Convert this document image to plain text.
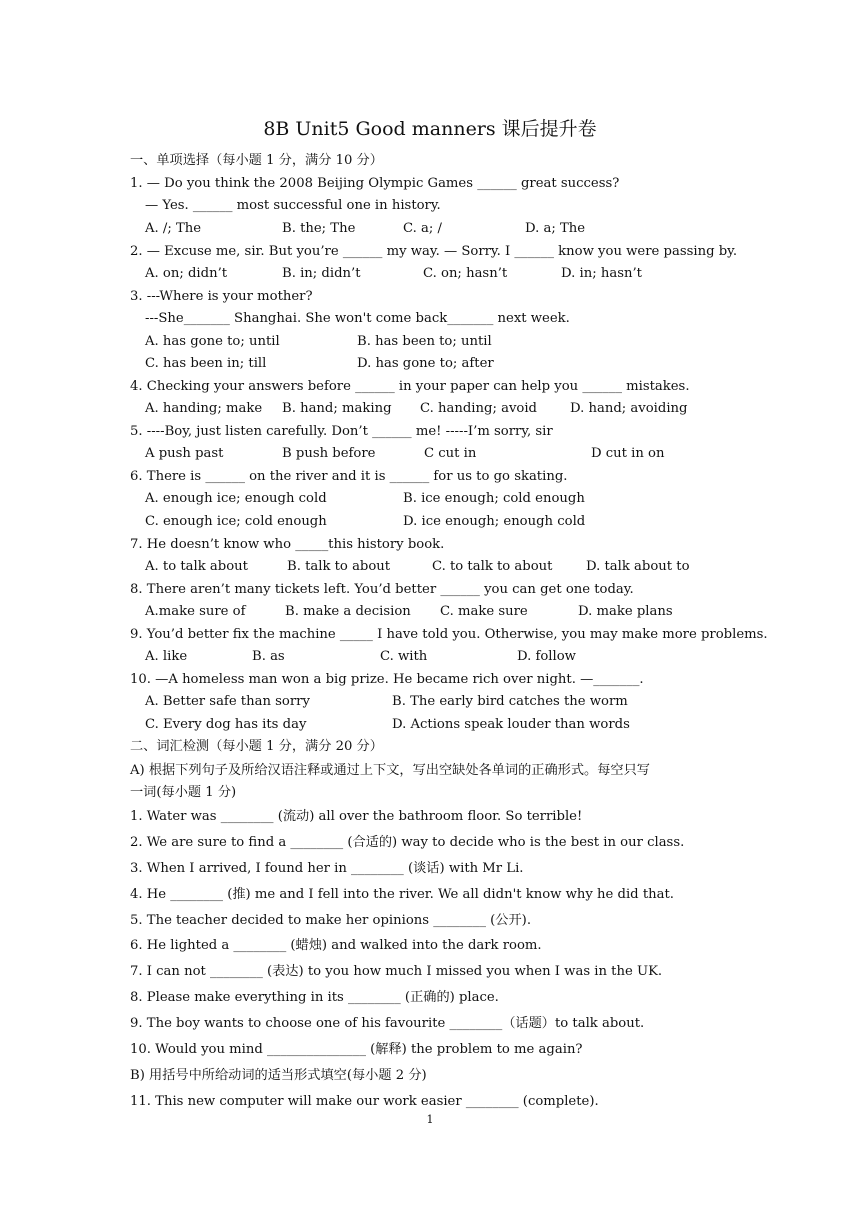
8B Unit5 Good manners 课后提升卷
一、单项选择（每小题 1 分，满分 10 分）
1. — Do you think the 2008 Beijing Olympic Games ______ great success?
— Yes. ______ most successful one in history.
A. /; The	B. the; The	C. a; /	D. a; The
2. — Excuse me, sir. But you’re ______ my way. — Sorry. I ______ know you were passing by.
A. on; didn’t	B. in; didn’t	C. on; hasn’t	D. in; hasn’t
3. ---Where is your mother?
---She_______ Shanghai. She won't come back_______ next week.
A. has gone to; until	B. has been to; until
C. has been in; till	D. has gone to; after
4. Checking your answers before ______ in your paper can help you ______ mistakes.
A. handing; make B. hand; making C. handing; avoid	D. hand; avoiding
5. ----Boy, just listen carefully. Don’t ______ me! -----I’m sorry, sir
A push past	B push before	C cut in	D cut in on
6. There is ______ on the river and it is ______ for us to go skating.
A. enough ice; enough cold	B. ice enough; cold enough
C. enough ice; cold enough	D. ice enough; enough cold
7. He doesn’t know who _____this history book.
A. to talk about	B. talk to about	C. to talk to about	D. talk about to
8. There aren’t many tickets left. You’d better ______ you can get one today.
A.make sure of	B. make a decision C. make sure	D. make plans
9. You’d better fix the machine _____ I have told you. Otherwise, you may make more problems.
A. like	B. as	C. with	D. follow
10. —A homeless man won a big prize. He became rich over night. —_______.
A. Better safe than sorry	B. The early bird catches the worm
C. Every dog has its day	D. Actions speak louder than words
二、词汇检测（每小题 1 分，满分 20 分）
A) 根据下列句子及所给汉语注释或通过上下文，写出空缺处各单词的正确形式。每空只写
一词(每小题 1 分)
1. Water was ________ (流动) all over the bathroom floor. So terrible!
2. We are sure to find a ________ (合适的) way to decide who is the best in our class.
3. When I arrived, I found her in ________ (谈话) with Mr Li.
4. He ________ (推) me and I fell into the river. We all didn't know why he did that.
5. The teacher decided to make her opinions ________ (公开).
6. He lighted a ________ (蜡烛) and walked into the dark room.
7. I can not ________ (表达) to you how much I missed you when I was in the UK.
8. Please make everything in its ________ (正确的) place.
9. The boy wants to choose one of his favourite ________（话题）to talk about.
10. Would you mind _______________ (解释) the problem to me again?
B) 用括号中所给动词的适当形式填空(每小题 2 分)
11. This new computer will make our work easier ________ (complete).
1
